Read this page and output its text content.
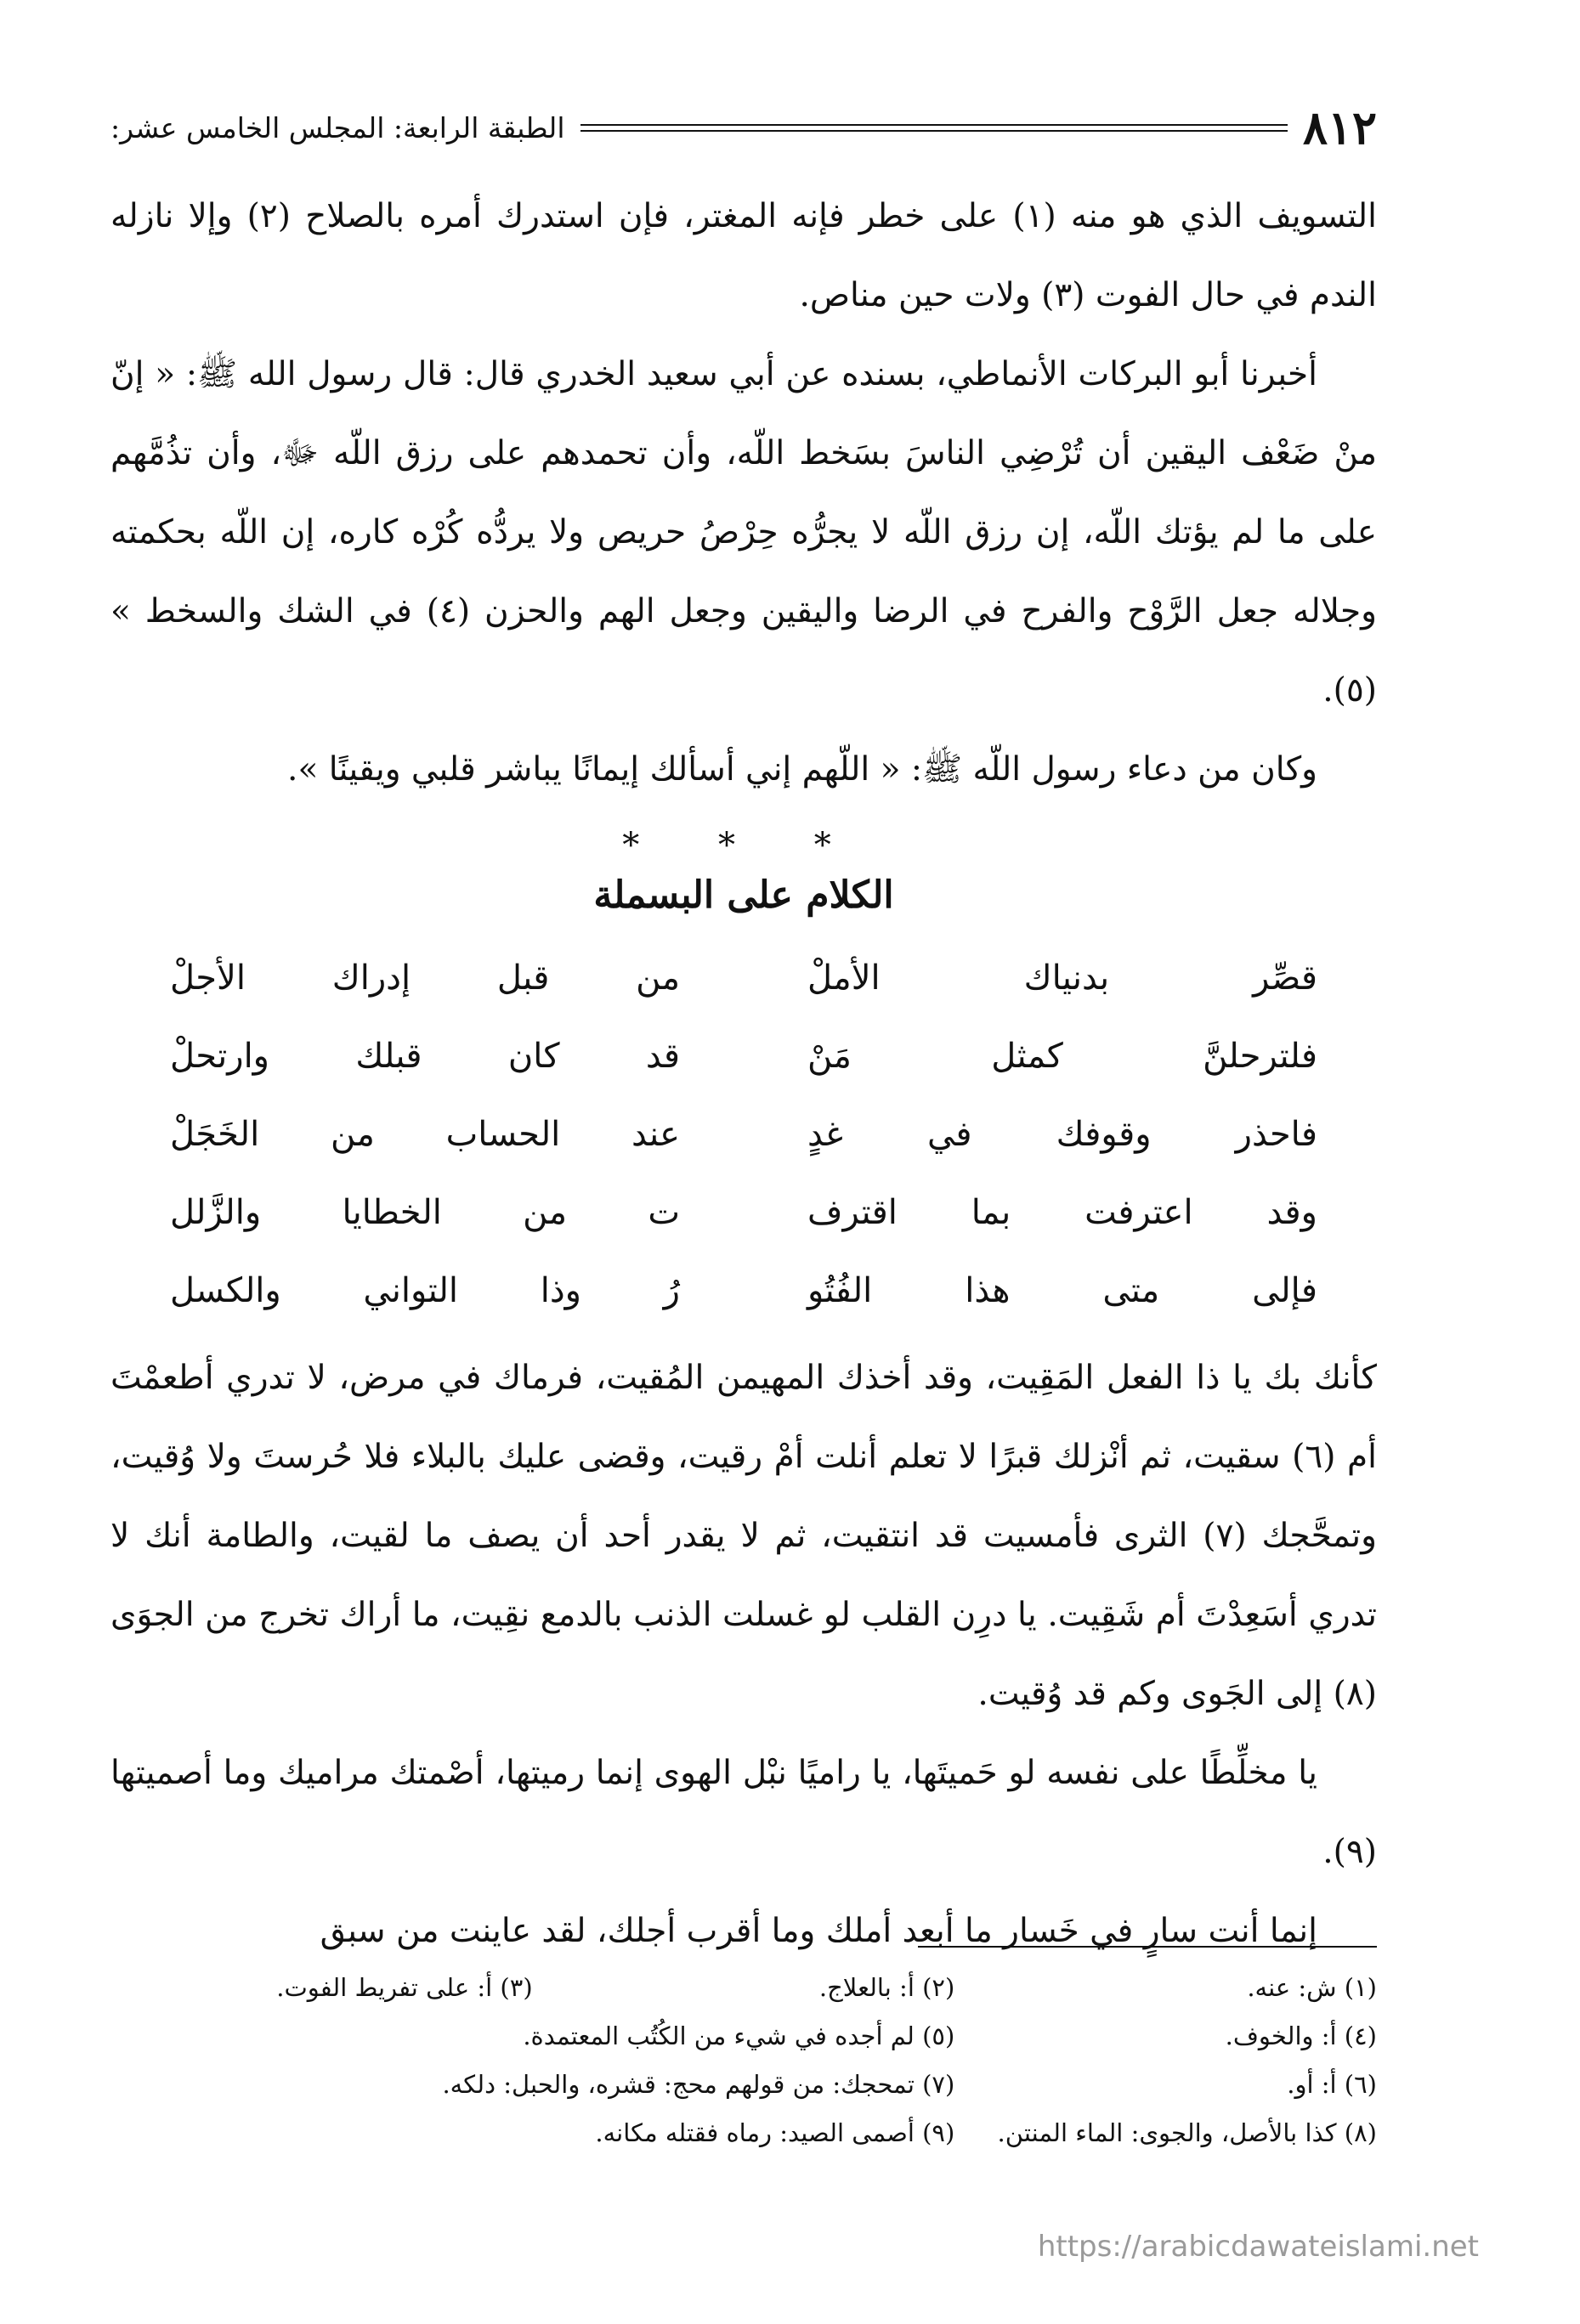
٨١٢
الطبقة الرابعة: المجلس الخامس عشر:

التسويف الذي هو منه (١) على خطر فإنه المغتر، فإن استدرك أمره بالصلاح (٢) وإلا نازله الندم في حال الفوت (٣) ولات حين مناص.

أخبرنا أبو البركات الأنماطي، بسنده عن أبي سعيد الخدري قال: قال رسول الله ﷺ: « إنّ منْ ضَعْف اليقين أن تُرْضِي الناسَ بسَخط اللّه، وأن تحمدهم على رزق اللّه ﷻ، وأن تذُمَّهم على ما لم يؤتك اللّه، إن رزق اللّه لا يجرُّه حِرْصُ حريص ولا يردُّه كُرْه كاره، إن اللّه بحكمته وجلاله جعل الرَّوْح والفرح في الرضا واليقين وجعل الهم والحزن (٤) في الشك والسخط » (٥).

وكان من دعاء رسول اللّه ﷺ: « اللّهم إني أسألك إيمانًا يباشر قلبي ويقينًا ».

* * *
الكلام على البسملة
قصِّر بدنياك الأملْ
من قبل إدراك الأجلْ
فلترحلنَّ كمثل مَنْ
قد كان قبلك وارتحلْ
فاحذر وقوفك في غدٍ
عند الحساب من الخَجَلْ
وقد اعترفت بما اقترف
ت من الخطايا والزَّلل
فإلى متى هذا الفُتُو
رُ وذا التواني والكسل

كأنك بك يا ذا الفعل المَقِيت، وقد أخذك المهيمن المُقيت، فرماك في مرض، لا تدري أطعمْتَ أم (٦) سقيت، ثم أنْزلك قبرًا لا تعلم أنلت أمْ رقيت، وقضى عليك بالبلاء فلا حُرستَ ولا وُقيت، وتمحَّجك (٧) الثرى فأمسيت قد انتقيت، ثم لا يقدر أحد أن يصف ما لقيت، والطامة أنك لا تدري أسَعِدْتَ أم شَقِيت. يا درِن القلب لو غسلت الذنب بالدمع نقِيت، ما أراك تخرج من الجوَى (٨) إلى الجَوى وكم قد وُقيت.

يا مخلِّطًا على نفسه لو حَميتَها، يا راميًا نبْل الهوى إنما رميتها، أصْمتك مراميك وما أصميتها (٩).

إنما أنت سارٍ في خَسار ما أبعد أملك وما أقرب أجلك، لقد عاينت من سبق

(١) ش: عنه.
(٢) أ: بالعلاج.
(٣) أ: على تفريط الفوت.
(٤) أ: والخوف.
(٥) لم أجده في شيء من الكُتُب المعتمدة.
(٦) أ: أو.
(٧) تمحجك: من قولهم محج: قشره، والحبل: دلكه.
(٨) كذا بالأصل، والجوى: الماء المنتن.
(٩) أصمى الصيد: رماه فقتله مكانه.
https://arabicdawateislami.net
